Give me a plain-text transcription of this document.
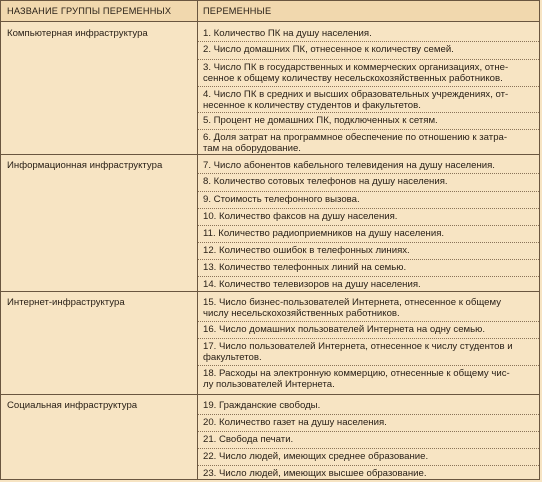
НАЗВАНИЕ ГРУППЫ ПЕРЕМЕННЫХ	ПЕРЕМЕННЫЕ
Компьютерная инфраструктура	1. Количество ПК на душу населения.
2. Число домашних ПК, отнесенное к количеству семей.
3. Число ПК в государственных и коммерческих организациях, отне-
сенное к общему количеству несельскохозяйственных работников.
4. Число ПК в средних и высших образовательных учреждениях, от-
несенное к количеству студентов и факультетов.
5. Процент не домашних ПК, подключенных к сетям.
6. Доля затрат на программное обеспечение по отношению к затра-
там на оборудование.
Информационная инфраструктура	7. Число абонентов кабельного телевидения на душу населения.
8. Количество сотовых телефонов на душу населения.
9. Стоимость телефонного вызова.
10. Количество факсов на душу населения.
11. Количество радиоприемников на душу населения.
12. Количество ошибок в телефонных линиях.
13. Количество телефонных линий на семью.
14. Количество телевизоров на душу населения.
Интернет-инфраструктура	15. Число бизнес-пользователей Интернета, отнесенное к общему
числу несельскохозяйственных работников.
16. Число домашних пользователей Интернета на одну семью.
17. Число пользователей Интернета, отнесенное к числу студентов и
факультетов.
18. Расходы на электронную коммерцию, отнесенные к общему чис-
лу пользователей Интернета.
Социальная инфраструктура	19. Гражданские свободы.
20. Количество газет на душу населения.
21. Свобода печати.
22. Число людей, имеющих среднее образование.
23. Число людей, имеющих высшее образование.
